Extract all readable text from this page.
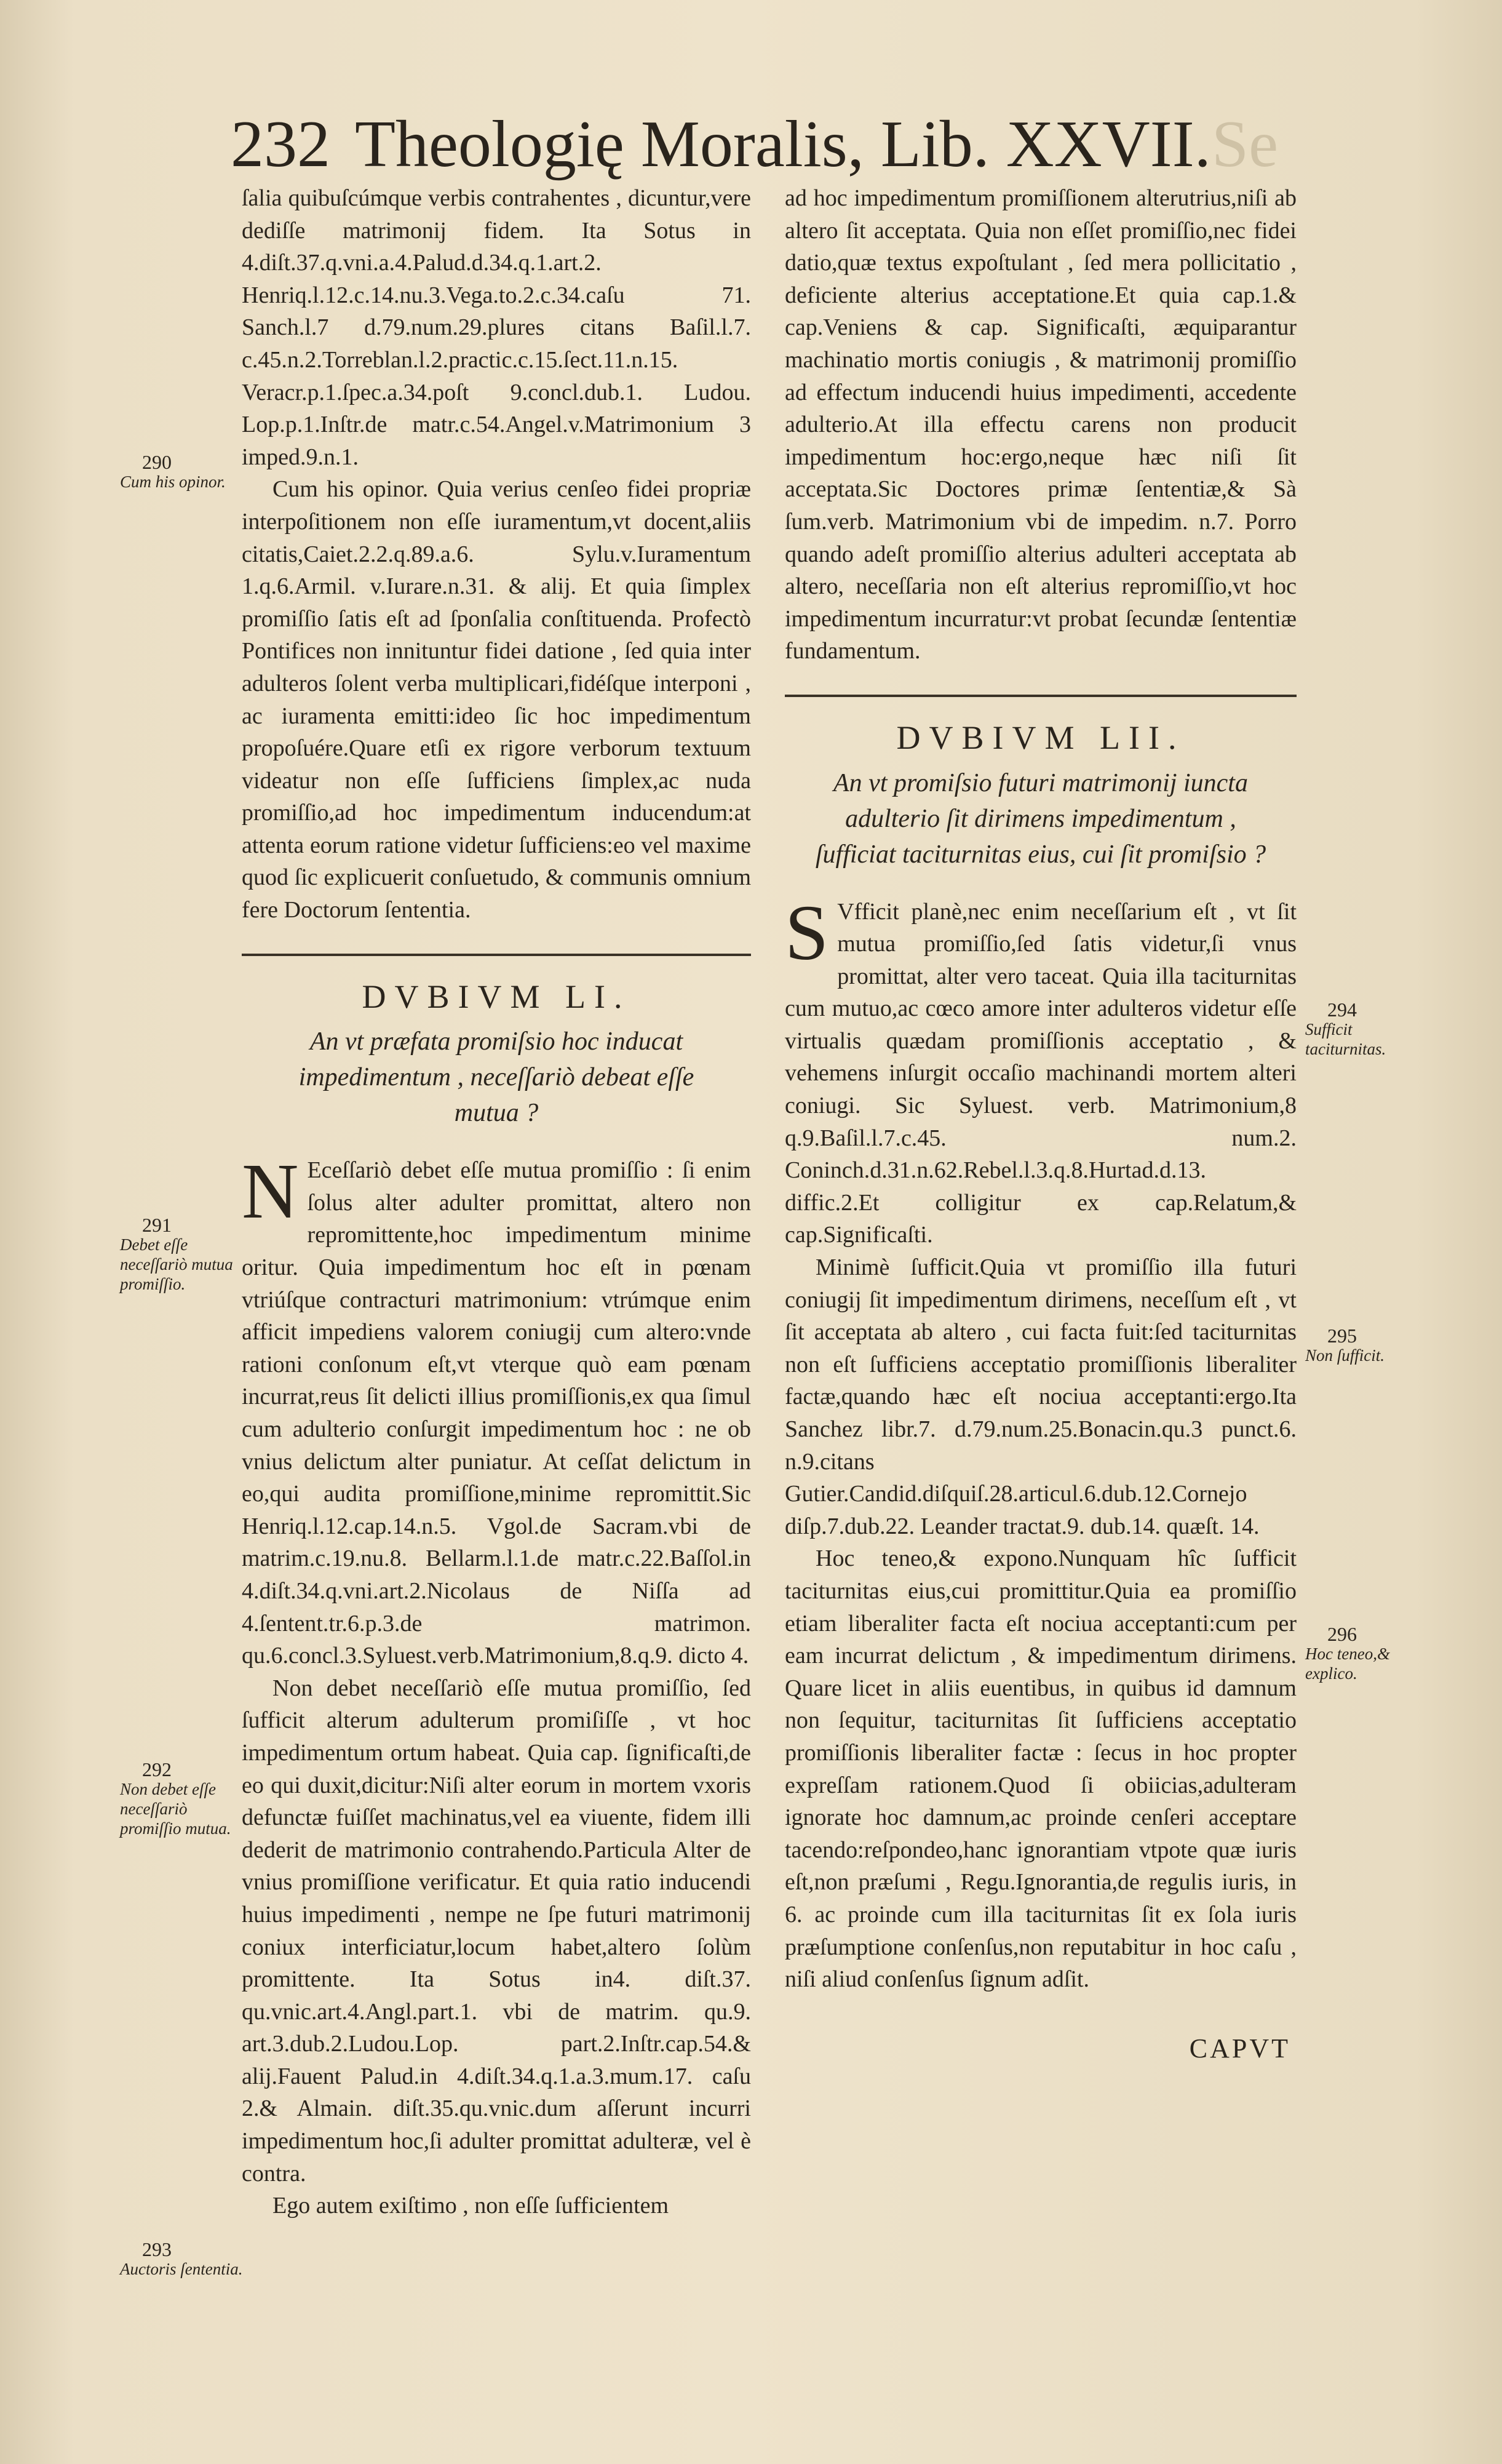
232 Theologię Moralis, Lib. XXVII. Se

ſalia quibuſcúmque verbis contrahentes , dicuntur,vere dediſſe matrimonij fidem. Ita Sotus in 4.diſt.37.q.vni.a.4.Palud.d.34.q.1.art.2. Henriq.l.12.c.14.nu.3.Vega.to.2.c.34.caſu 71. Sanch.l.7 d.79.num.29.plures citans Baſil.l.7. c.45.n.2.Torreblan.l.2.practic.c.15.ſect.11.n.15. Veracr.p.1.ſpec.a.34.poſt 9.concl.dub.1. Ludou. Lop.p.1.Inſtr.de matr.c.54.Angel.v.Matrimonium 3 imped.9.n.1.

Cum his opinor. Quia verius cenſeo fidei propriæ interpoſitionem non eſſe iuramentum,vt docent,aliis citatis,Caiet.2.2.q.89.a.6. Sylu.v.Iuramentum 1.q.6.Armil. v.Iurare.n.31. & alij. Et quia ſimplex promiſſio ſatis eſt ad ſponſalia conſtituenda. Profectò Pontifices non innituntur fidei datione , ſed quia inter adulteros ſolent verba multiplicari,fidéſque interponi , ac iuramenta emitti:ideo ſic hoc impedimentum propoſuére.Quare etſi ex rigore verborum textuum videatur non eſſe ſufficiens ſimplex,ac nuda promiſſio,ad hoc impedimentum inducendum:at attenta eorum ratione videtur ſufficiens:eo vel maxime quod ſic explicuerit conſuetudo, & communis omnium fere Doctorum ſententia.

DVBIVM LI.
An vt præfata promiſsio hoc inducat impedimentum , neceſſariò debeat eſſe mutua ?

N Eceſſariò debet eſſe mutua promiſſio : ſi enim ſolus alter adulter promittat, altero non repromittente,hoc impedimentum minime oritur. Quia impedimentum hoc eſt in pœnam vtriúſque contracturi matrimonium: vtrúmque enim afficit impediens valorem coniugij cum altero:vnde rationi conſonum eſt,vt vterque quò eam pœnam incurrat,reus ſit delicti illius promiſſionis,ex qua ſimul cum adulterio conſurgit impedimentum hoc : ne ob vnius delictum alter puniatur. At ceſſat delictum in eo,qui audita promiſſione,minime repromittit.Sic Henriq.l.12.cap.14.n.5. Vgol.de Sacram.vbi de matrim.c.19.nu.8. Bellarm.l.1.de matr.c.22.Baſſol.in 4.diſt.34.q.vni.art.2.Nicolaus de Niſſa ad 4.ſentent.tr.6.p.3.de matrimon. qu.6.concl.3.Syluest.verb.Matrimonium,8.q.9. dicto 4.

Non debet neceſſariò eſſe mutua promiſſio, ſed ſufficit alterum adulterum promiſiſſe , vt hoc impedimentum ortum habeat. Quia cap. ſignificaſti,de eo qui duxit,dicitur:Niſi alter eorum in mortem vxoris defunctæ fuiſſet machinatus,vel ea viuente, fidem illi dederit de matrimonio contrahendo.Particula Alter de vnius promiſſione verificatur. Et quia ratio inducendi huius impedimenti , nempe ne ſpe futuri matrimonij coniux interficiatur,locum habet,altero ſolùm promittente. Ita Sotus in4. diſt.37. qu.vnic.art.4.Angl.part.1. vbi de matrim. qu.9. art.3.dub.2.Ludou.Lop. part.2.Inſtr.cap.54.& alij.Fauent Palud.in 4.diſt.34.q.1.a.3.mum.17. caſu 2.& Almain. diſt.35.qu.vnic.dum aſſerunt incurri impedimentum hoc,ſi adulter promittat adulteræ, vel è contra.

Ego autem exiſtimo , non eſſe ſufficientem

ad hoc impedimentum promiſſionem alterutrius,niſi ab altero ſit acceptata. Quia non eſſet promiſſio,nec fidei datio,quæ textus expoſtulant , ſed mera pollicitatio , deficiente alterius acceptatione.Et quia cap.1.& cap.Veniens & cap. Significaſti, æquiparantur machinatio mortis coniugis , & matrimonij promiſſio ad effectum inducendi huius impedimenti, accedente adulterio.At illa effectu carens non producit impedimentum hoc:ergo,neque hæc niſi ſit acceptata.Sic Doctores primæ ſententiæ,& Sà ſum.verb. Matrimonium vbi de impedim. n.7. Porro quando adeſt promiſſio alterius adulteri acceptata ab altero, neceſſaria non eſt alterius repromiſſio,vt hoc impedimentum incurratur:vt probat ſecundæ ſententiæ fundamentum.

DVBIVM LII.
An vt promiſsio futuri matrimonij iuncta adulterio ſit dirimens impedimentum , ſufficiat taciturnitas eius, cui ſit promiſsio ?

S Vfficit planè,nec enim neceſſarium eſt , vt ſit mutua promiſſio,ſed ſatis videtur,ſi vnus promittat, alter vero taceat. Quia illa taciturnitas cum mutuo,ac cœco amore inter adulteros videtur eſſe virtualis quædam promiſſionis acceptatio , & vehemens inſurgit occaſio machinandi mortem alteri coniugi. Sic Syluest. verb. Matrimonium,8 q.9.Baſil.l.7.c.45. num.2. Coninch.d.31.n.62.Rebel.l.3.q.8.Hurtad.d.13. diffic.2.Et colligitur ex cap.Relatum,& cap.Significaſti.

Minimè ſufficit.Quia vt promiſſio illa futuri coniugij ſit impedimentum dirimens, neceſſum eſt , vt ſit acceptata ab altero , cui facta fuit:ſed taciturnitas non eſt ſufficiens acceptatio promiſſionis liberaliter factæ,quando hæc eſt nociua acceptanti:ergo.Ita Sanchez libr.7. d.79.num.25.Bonacin.qu.3 punct.6. n.9.citans Gutier.Candid.diſquiſ.28.articul.6.dub.12.Cornejo diſp.7.dub.22. Leander tractat.9. dub.14. quæſt. 14.

Hoc teneo,& expono.Nunquam hîc ſufficit taciturnitas eius,cui promittitur.Quia ea promiſſio etiam liberaliter facta eſt nociua acceptanti:cum per eam incurrat delictum , & impedimentum dirimens. Quare licet in aliis euentibus, in quibus id damnum non ſequitur, taciturnitas ſit ſufficiens acceptatio promiſſionis liberaliter factæ : ſecus in hoc propter expreſſam rationem.Quod ſi obiicias,adulteram ignorate hoc damnum,ac proinde cenſeri acceptare tacendo:reſpondeo,hanc ignorantiam vtpote quæ iuris eſt,non præſumi , Regu.Ignorantia,de regulis iuris, in 6. ac proinde cum illa taciturnitas ſit ex ſola iuris præſumptione conſenſus,non reputabitur in hoc caſu , niſi aliud conſenſus ſignum adſit.

CAPVT
290
Cum his opinor.
291
Debet eſſe neceſſariò mutua promiſſio.
292
Non debet eſſe neceſſariò promiſſio mutua.
293
Auctoris ſententia.
294
Sufficit taciturnitas.
295
Non ſufficit.
296
Hoc teneo,& explico.
